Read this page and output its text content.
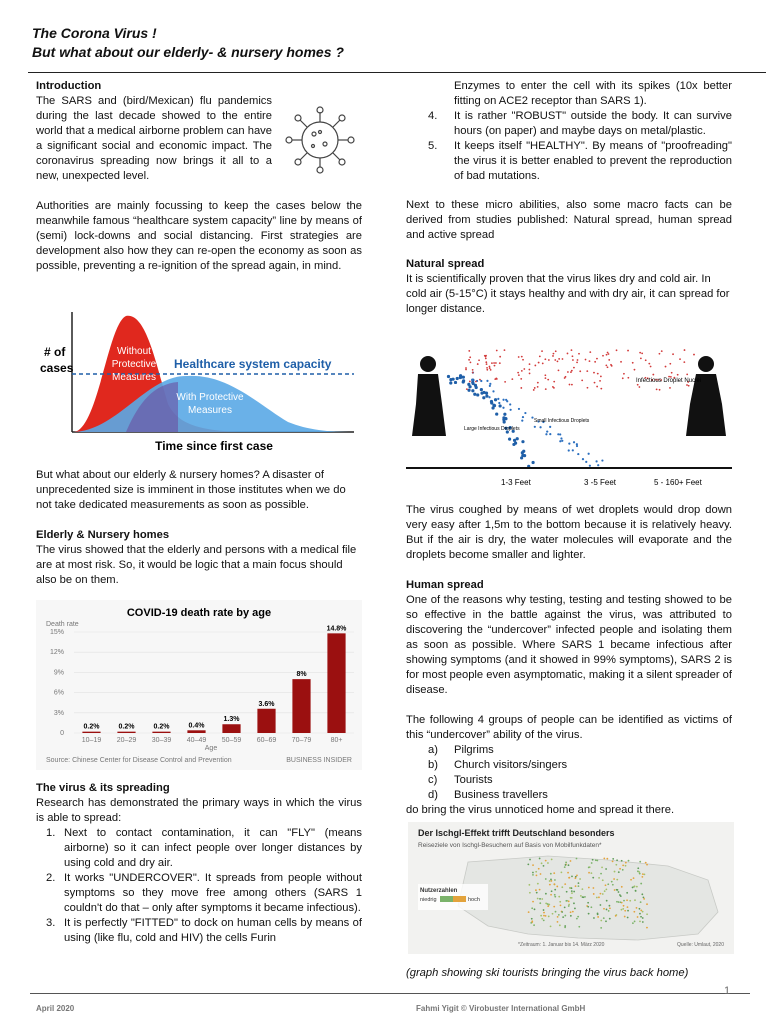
The Corona Virus !
But what about our elderly- & nursery homes ?

Introduction

The SARS and (bird/Mexican) flu pandemics during the last decade showed to the entire world that a medical airborne problem can have a significant social and economic impact. The coronavirus spreading now brings it all to a new, unexpected level.

Authorities are mainly focussing to keep the cases below the meanwhile famous “healthcare system capacity” line by means of (semi) lock-downs and social distancing. First strategies are development also how they can re-open the economy as soon as possible, preventing a re-ignition of the spread again, in mind.

# of
cases
Without
Protective
Measures
Healthcare system capacity
With Protective
Measures
Time since first case

But what about our elderly & nursery homes? A disaster of unprecedented size is imminent in those institutes when we do not take dedicated measurements as soon as possible.

Elderly & Nursery homes

The virus showed that the elderly and persons with a medical file are at most risk. So, it would be logic that a main focus should also be on them.

COVID-19 death rate by age
Death rate
0
3%
6%
9%
12%
15%
0.2%	0.2%	0.2%	0.4%
1.3%
3.6%
8%
14.8%
10–19 20–29 30–39 40–49 50–59 60–69 70–79	80+
Age
Source: Chinese Center for Disease Control and Prevention	BUSINESS INSIDER

The virus & its spreading

Research has demonstrated the primary ways in which the virus is able to spread:

1. Next to contact contamination, it can "FLY" (means airborne) so it can infect people over longer distances by using cold and dry air.
2. It works "UNDERCOVER". It spreads from people without symptoms so they move free among others (SARS 1 couldn't do that – only after symptoms it became infectious).
3. It is perfectly "FITTED" to dock on human cells by means of using (like flu, cold and HIV) the cells Furin

Enzymes to enter the cell with its spikes (10x better fitting on ACE2 receptor than SARS 1).

4. It is rather "ROBUST" outside the body. It can survive hours (on paper) and maybe days on metal/plastic.
5. It keeps itself "HEALTHY". By means of "proofreading" the virus it is better enabled to prevent the reproduction of bad mutations.

Next to these micro abilities, also some macro facts can be derived from studies published: Natural spread, human spread and active spread

Natural spread

It is scientifically proven that the virus likes dry and cold air. In cold air (5-15°C) it stays healthy and with dry air, it can spread for longer distance.

Infectious Droplet Nuclei
Small Infectious Droplets
Large Infectious Droplets
1-3 Feet	3 -5 Feet	5 - 160+ Feet

The virus coughed by means of wet droplets would drop down very easy after 1,5m to the bottom because it is relatively heavy. But if the air is dry, the water molecules will evaporate and the droplets become smaller and lighter.

Human spread

One of the reasons why testing, testing and testing showed to be so effective in the battle against the virus, was attributed to discovering the “undercover” infected people and isolating them as soon as possible. Where SARS 1 became infectious after showing symptoms (and it showed in 99% symptoms), SARS 2 is for most people even asymptomatic, making it a silent spreader of disease.

The following 4 groups of people can be identified as victims of this “undercover” ability of the virus.

a) Pilgrims
b) Church visitors/singers
c) Tourists
d) Business travellers

do bring the virus unnoticed home and spread it there.

Der Ischgl-Effekt trifft Deutschland besonders
Reiseziele von Ischgl-Besuchern auf Basis von Mobilfunkdaten*
Nutzerzahlen
niedrig	hoch
*Zeitraum: 1. Januar bis 14. März 2020	Quelle: Umlaut, 2020
(graph showing ski tourists bringing the virus back home)
1
April 2020	Fahmi Yigit © Virobuster International GmbH
